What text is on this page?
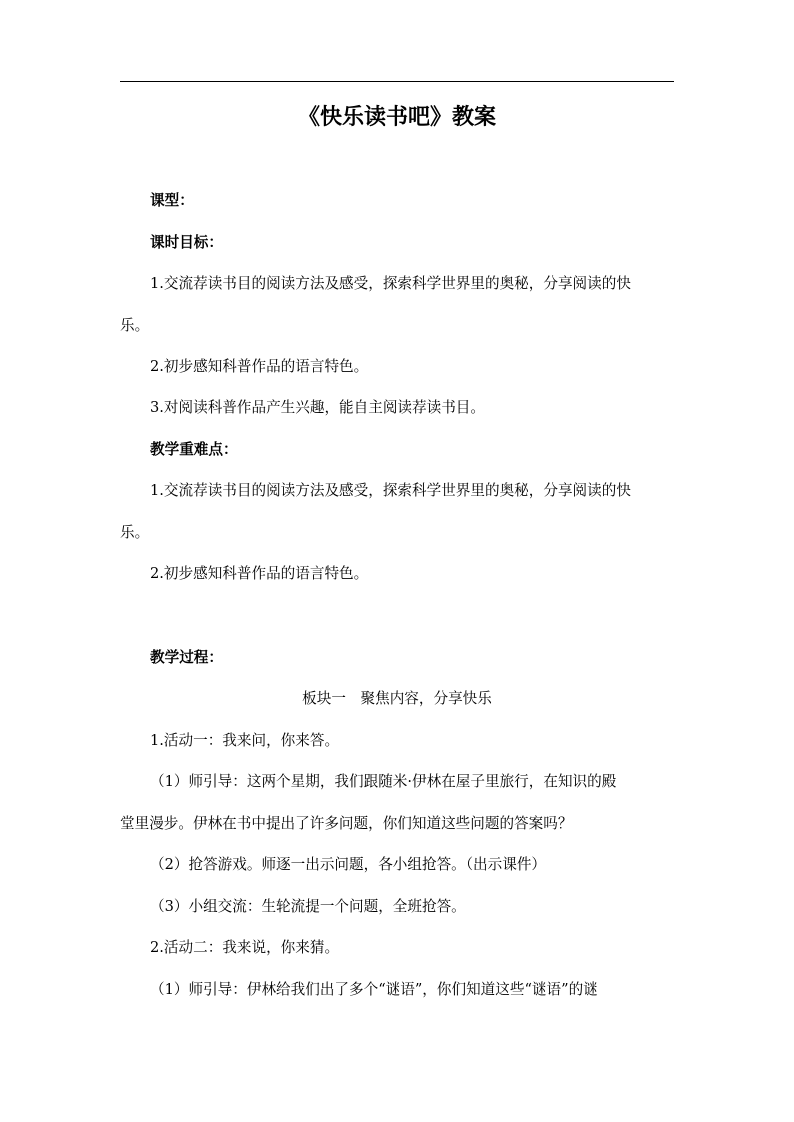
《快乐读书吧》教案
课型：
课时目标：
1.交流荐读书目的阅读方法及感受，探索科学世界里的奥秘，分享阅读的快
乐。
2.初步感知科普作品的语言特色。
3.对阅读科普作品产生兴趣，能自主阅读荐读书目。
教学重难点：
1.交流荐读书目的阅读方法及感受，探索科学世界里的奥秘，分享阅读的快
乐。
2.初步感知科普作品的语言特色。
教学过程：
板块一　聚焦内容，分享快乐
1.活动一：我来问，你来答。
（1）师引导：这两个星期，我们跟随米·伊林在屋子里旅行，在知识的殿
堂里漫步。伊林在书中提出了许多问题，你们知道这些问题的答案吗？
（2）抢答游戏。师逐一出示问题，各小组抢答。（出示课件）
（3）小组交流：生轮流提一个问题，全班抢答。
2.活动二：我来说，你来猜。
（1）师引导：伊林给我们出了多个“谜语”，你们知道这些“谜语”的谜
